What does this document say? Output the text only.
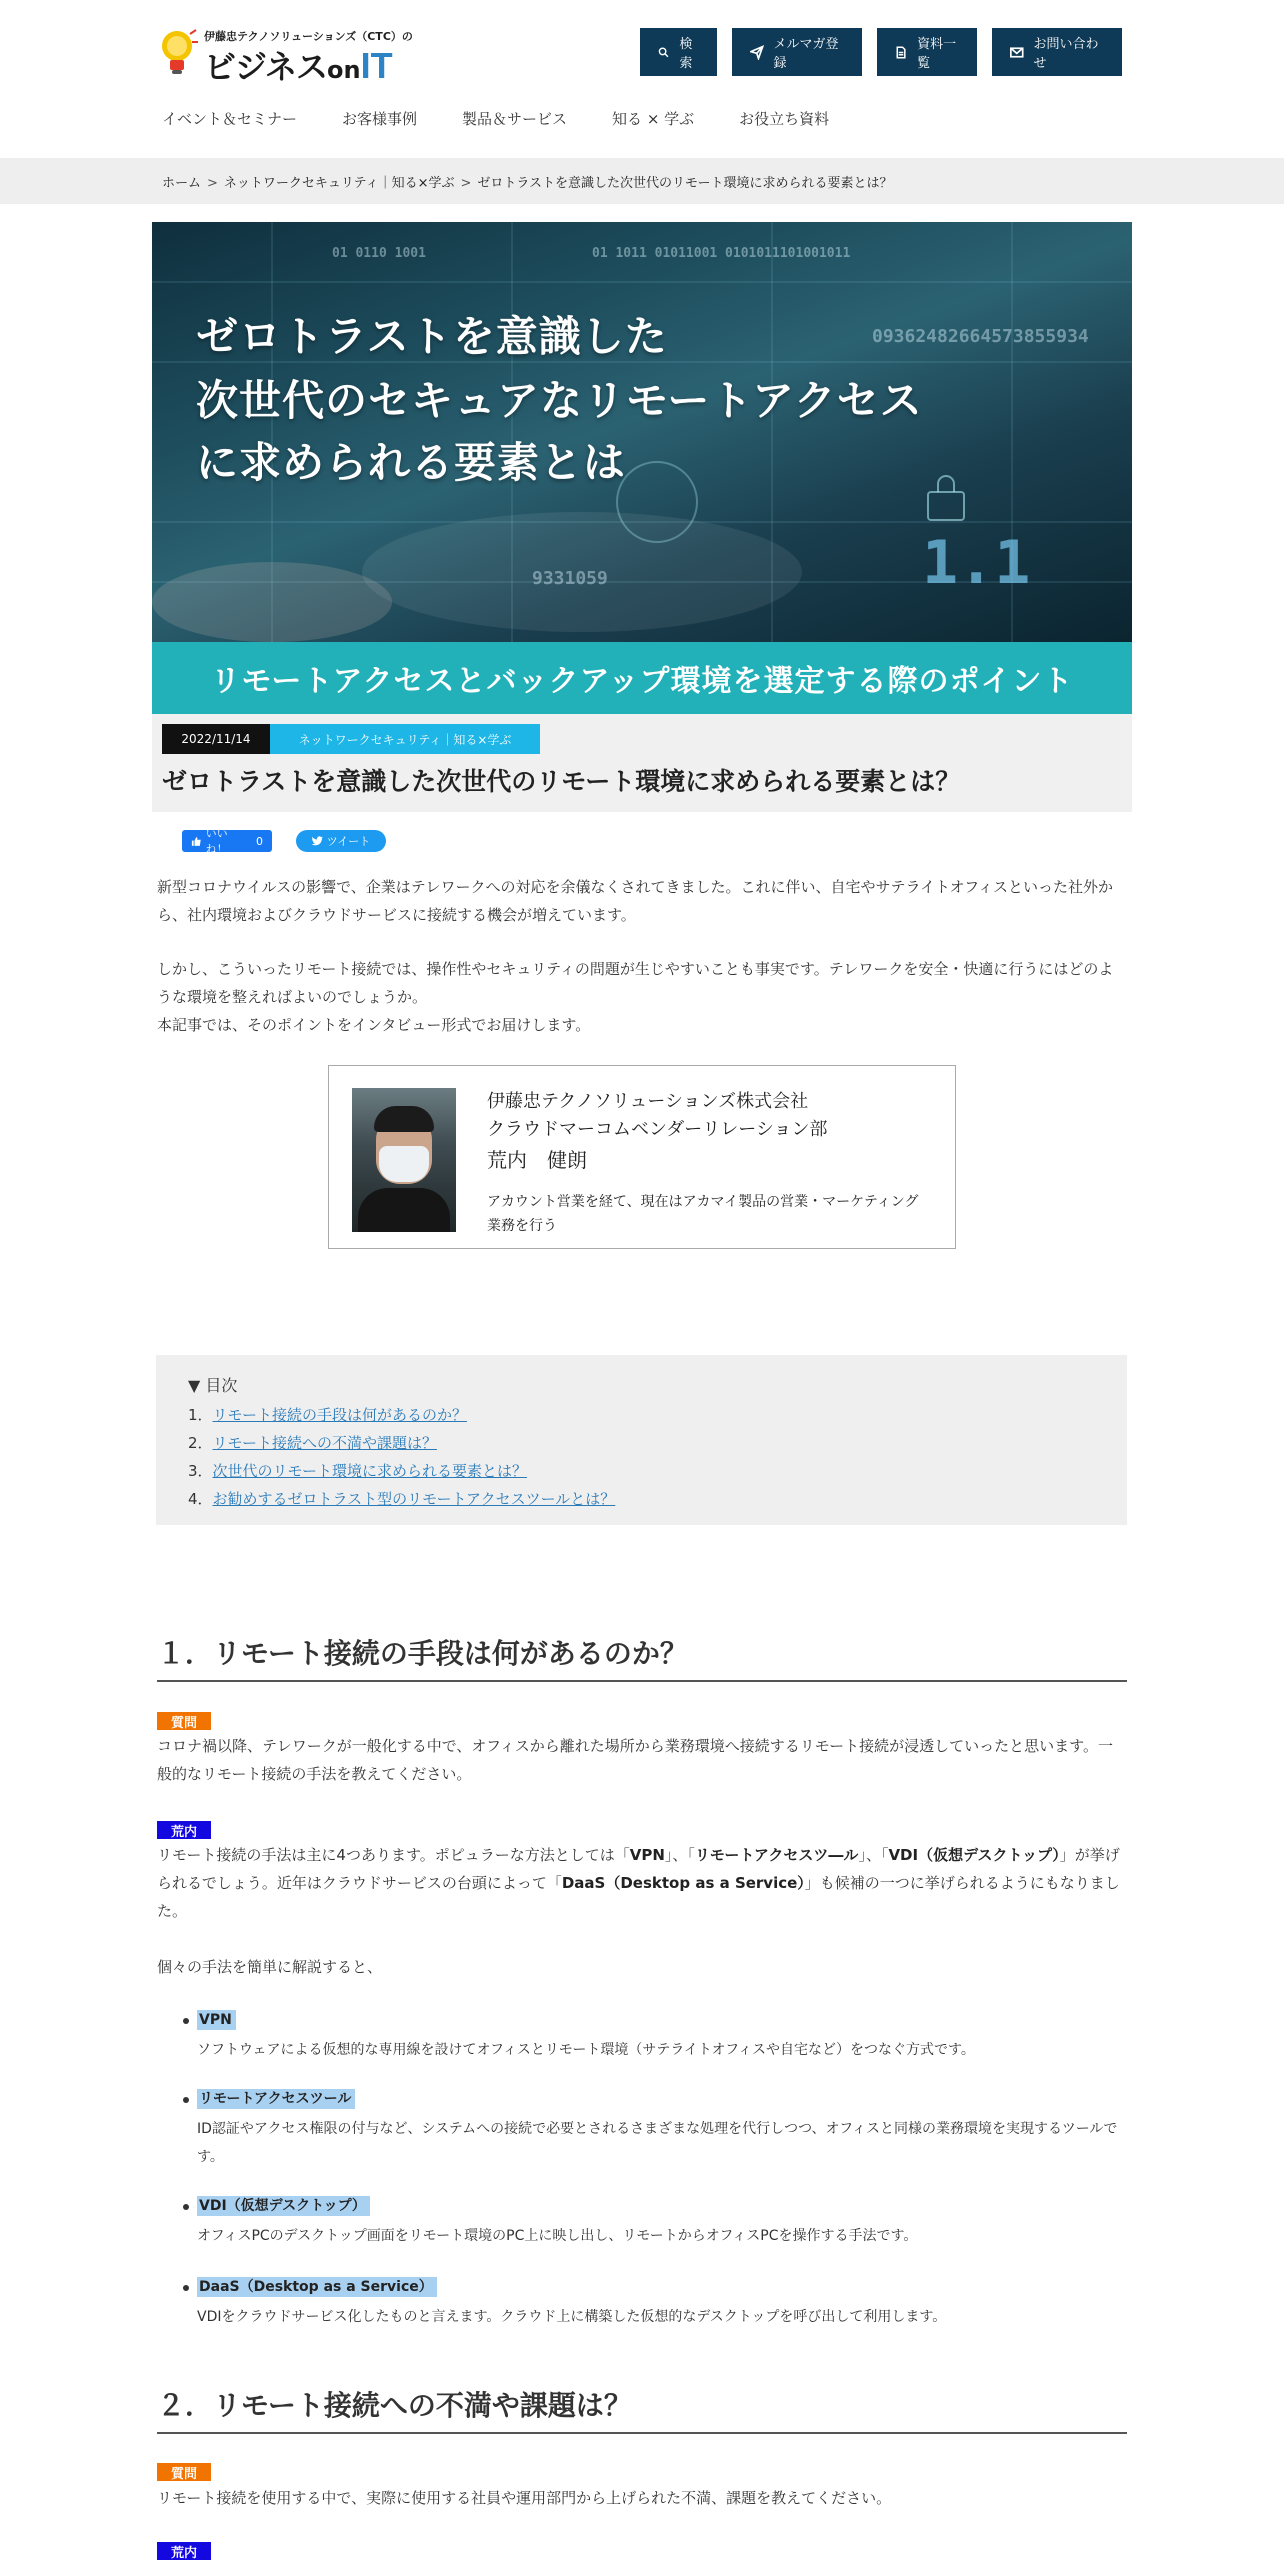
伊藤忠テクノソリューションズ（CTC）の
ビジネスonIT
検索
メルマガ登録
資料一覧
お問い合わせ
イベント＆セミナー	お客様事例	製品＆サービス	知る × 学ぶ	お役立ち資料
ホーム > ネットワークセキュリティ｜知る×学ぶ > ゼロトラストを意識した次世代のリモート環境に求められる要素とは？
01 1011 01011001 0101011101001011
01 0110 1001
09362482664573855934
9331059	1.1
ゼロトラストを意識した
次世代のセキュアなリモートアクセス
に求められる要素とは
リモートアクセスとバックアップ環境を選定する際のポイント
2022/11/14	ネットワークセキュリティ｜知る×学ぶ
ゼロトラストを意識した次世代のリモート環境に求められる要素とは？
いいね！
0	ツイート

新型コロナウイルスの影響で、企業はテレワークへの対応を余儀なくされてきました。これに伴い、自宅やサテライトオフィスといった社外から、社内環境およびクラウドサービスに接続する機会が増えています。

しかし、こういったリモート接続では、操作性やセキュリティの問題が生じやすいことも事実です。テレワークを安全・快適に行うにはどのような環境を整えればよいのでしょうか。

本記事では、そのポイントをインタビュー形式でお届けします。

伊藤忠テクノソリューションズ株式会社
クラウドマーコムベンダーリレーション部
荒内　健朗
アカウント営業を経て、現在はアカマイ製品の営業・マーケティング業務を行う
▼ 目次
1．リモート接続の手段は何があるのか？
2．リモート接続への不満や課題は？
3．次世代のリモート環境に求められる要素とは？
4．お勧めするゼロトラスト型のリモートアクセスツールとは？
１．リモート接続の手段は何があるのか？
質問

コロナ禍以降、テレワークが一般化する中で、オフィスから離れた場所から業務環境へ接続するリモート接続が浸透していったと思います。一般的なリモート接続の手法を教えてください。

荒内

リモート接続の手法は主に4つあります。ポピュラーな方法としては「VPN」、「リモートアクセスツ―ル」、「VDI（仮想デスクトップ）」が挙げられるでしょう。近年はクラウドサービスの台頭によって「DaaS（Desktop as a Service）」も候補の一つに挙げられるようにもなりました。

個々の手法を簡単に解説すると、

VPN
ソフトウェアによる仮想的な専用線を設けてオフィスとリモート環境（サテライトオフィスや自宅など）をつなぐ方式です。
リモートアクセスツール
ID認証やアクセス権限の付与など、システムへの接続で必要とされるさまざまな処理を代行しつつ、オフィスと同様の業務環境を実現するツールです。
VDI（仮想デスクトップ）
オフィスPCのデスクトップ画面をリモート環境のPC上に映し出し、リモートからオフィスPCを操作する手法です。
DaaS（Desktop as a Service）
VDIをクラウドサービス化したものと言えます。クラウド上に構築した仮想的なデスクトップを呼び出して利用します。
２．リモート接続への不満や課題は？
質問

リモート接続を使用する中で、実際に使用する社員や運用部門から上げられた不満、課題を教えてください。

荒内
